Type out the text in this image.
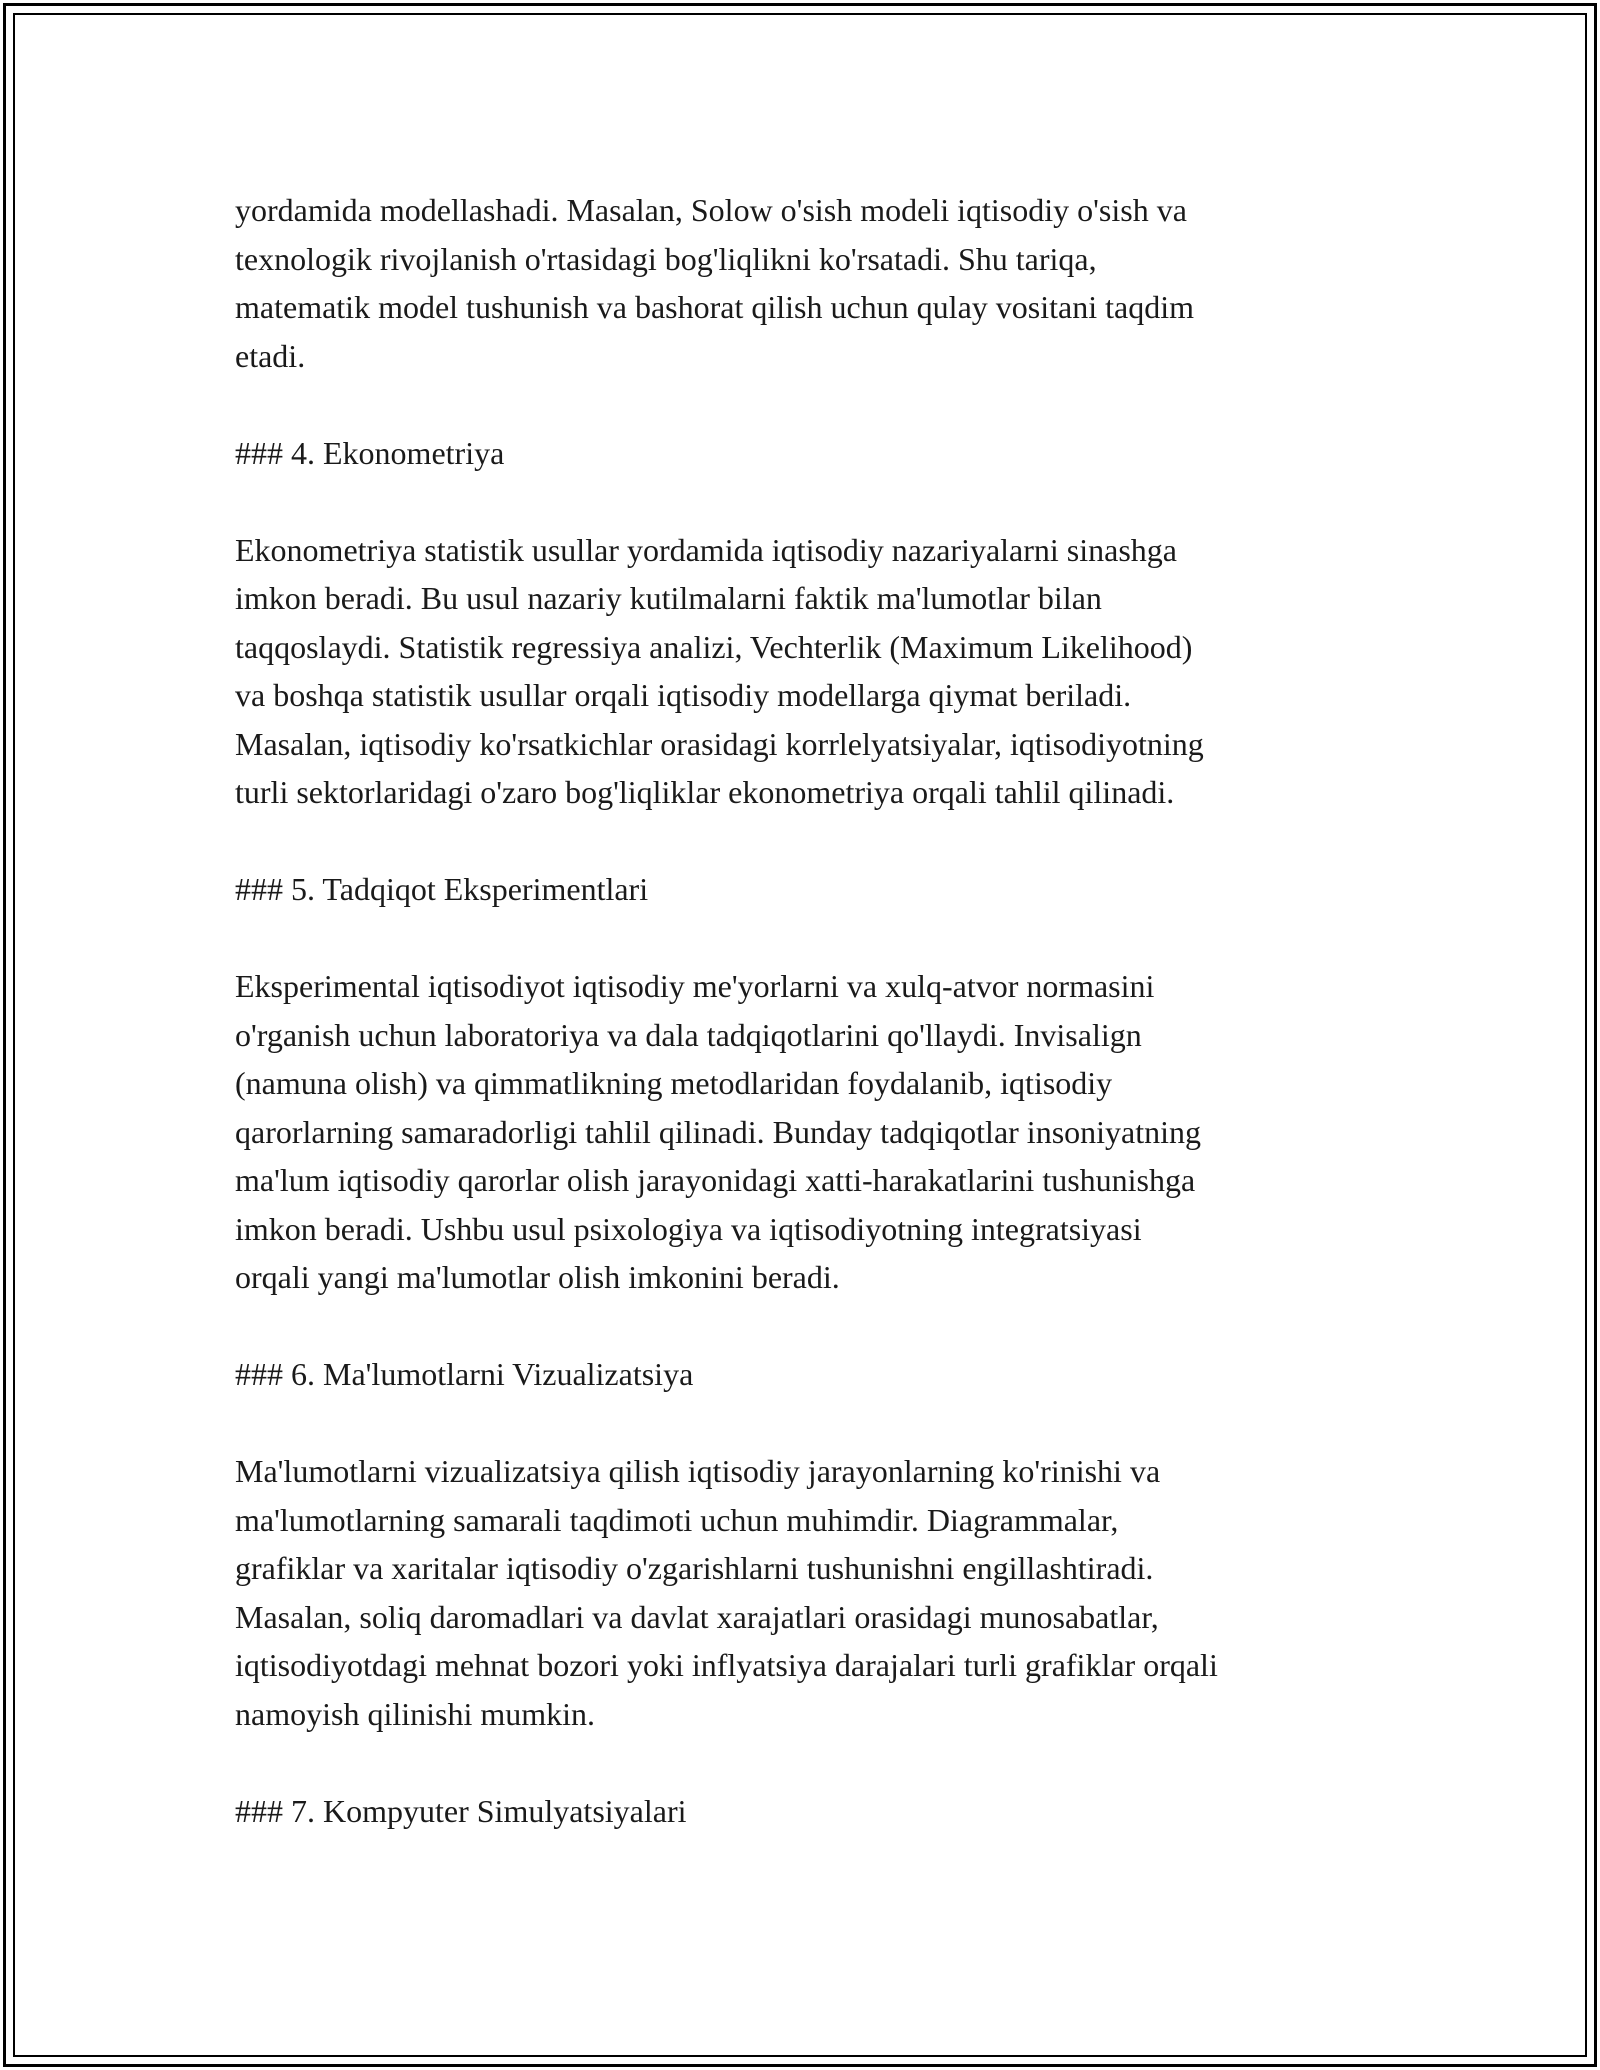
yordamida modellashadi. Masalan, Solow o'sish modeli iqtisodiy o'sish va

texnologik rivojlanish o'rtasidagi bog'liqlikni ko'rsatadi. Shu tariqa,

matematik model tushunish va bashorat qilish uchun qulay vositani taqdim

etadi.

### 4. Ekonometriya

Ekonometriya statistik usullar yordamida iqtisodiy nazariyalarni sinashga

imkon beradi. Bu usul nazariy kutilmalarni faktik ma'lumotlar bilan

taqqoslaydi. Statistik regressiya analizi, Vechterlik (Maximum Likelihood)

va boshqa statistik usullar orqali iqtisodiy modellarga qiymat beriladi.

Masalan, iqtisodiy ko'rsatkichlar orasidagi korrlelyatsiyalar, iqtisodiyotning

turli sektorlaridagi o'zaro bog'liqliklar ekonometriya orqali tahlil qilinadi.

### 5. Tadqiqot Eksperimentlari

Eksperimental iqtisodiyot iqtisodiy me'yorlarni va xulq-atvor normasini

o'rganish uchun laboratoriya va dala tadqiqotlarini qo'llaydi. Invisalign

(namuna olish) va qimmatlikning metodlaridan foydalanib, iqtisodiy

qarorlarning samaradorligi tahlil qilinadi. Bunday tadqiqotlar insoniyatning

ma'lum iqtisodiy qarorlar olish jarayonidagi xatti-harakatlarini tushunishga

imkon beradi. Ushbu usul psixologiya va iqtisodiyotning integratsiyasi

orqali yangi ma'lumotlar olish imkonini beradi.

### 6. Ma'lumotlarni Vizualizatsiya

Ma'lumotlarni vizualizatsiya qilish iqtisodiy jarayonlarning ko'rinishi va

ma'lumotlarning samarali taqdimoti uchun muhimdir. Diagrammalar,

grafiklar va xaritalar iqtisodiy o'zgarishlarni tushunishni engillashtiradi.

Masalan, soliq daromadlari va davlat xarajatlari orasidagi munosabatlar,

iqtisodiyotdagi mehnat bozori yoki inflyatsiya darajalari turli grafiklar orqali

namoyish qilinishi mumkin.

### 7. Kompyuter Simulyatsiyalari
